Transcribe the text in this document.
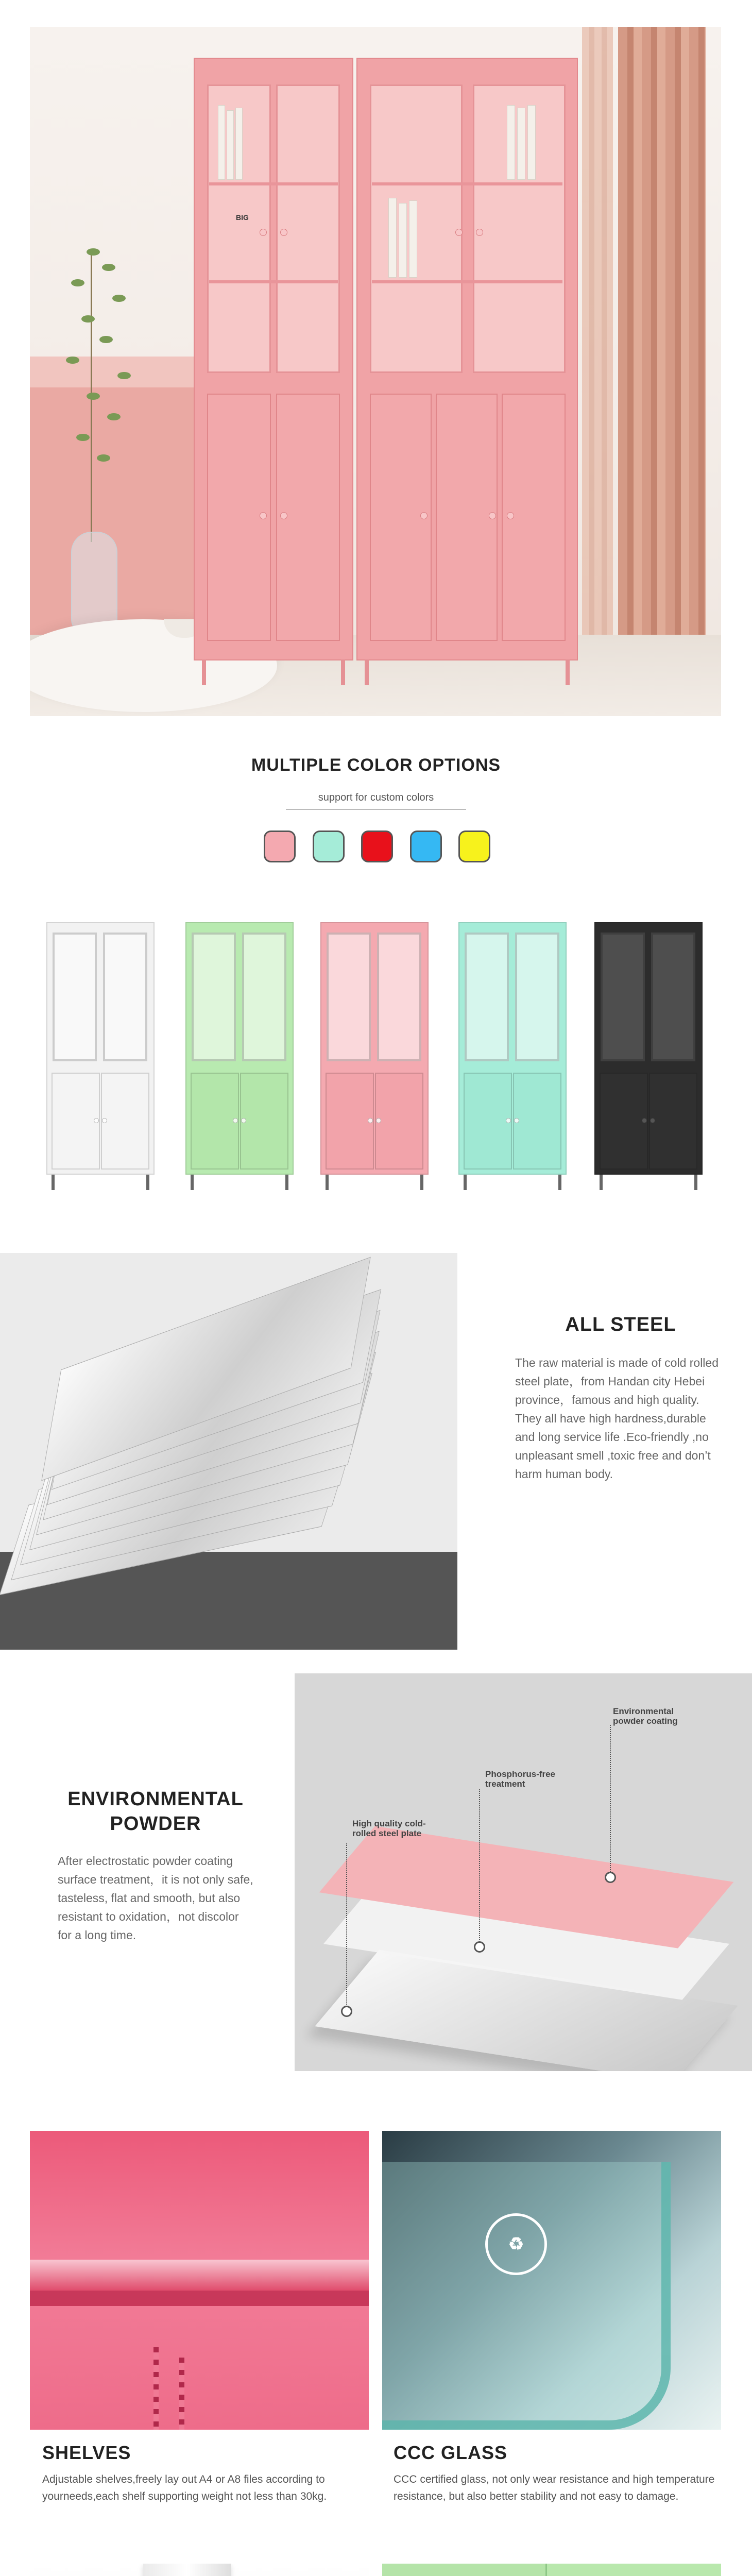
BIG
MULTIPLE COLOR OPTIONS
support for custom colors
ALL STEEL

The raw material is made of cold rolled steel plate，from Handan city Hebei province，famous and high quality. They all have high hardness,durable and long service life .Eco-friendly ,no unpleasant smell ,toxic free and don’t harm human body.

ENVIRONMENTAL
POWDER

After electrostatic powder coating surface treatment，it is not only safe, tasteless, flat and smooth, but also resistant to oxidation，not discolor for a long time.

Environmental powder coating
Phosphorus-free treatment
High quality cold-rolled steel plate
SHELVES
Adjustable shelves,freely lay out A4 or A8 files according to yourneeds,each shelf supporting weight not less than 30kg.
♻
CCC GLASS
CCC certified glass, not only wear resistance and high temperature resistance, but also better stability and not easy to damage.
